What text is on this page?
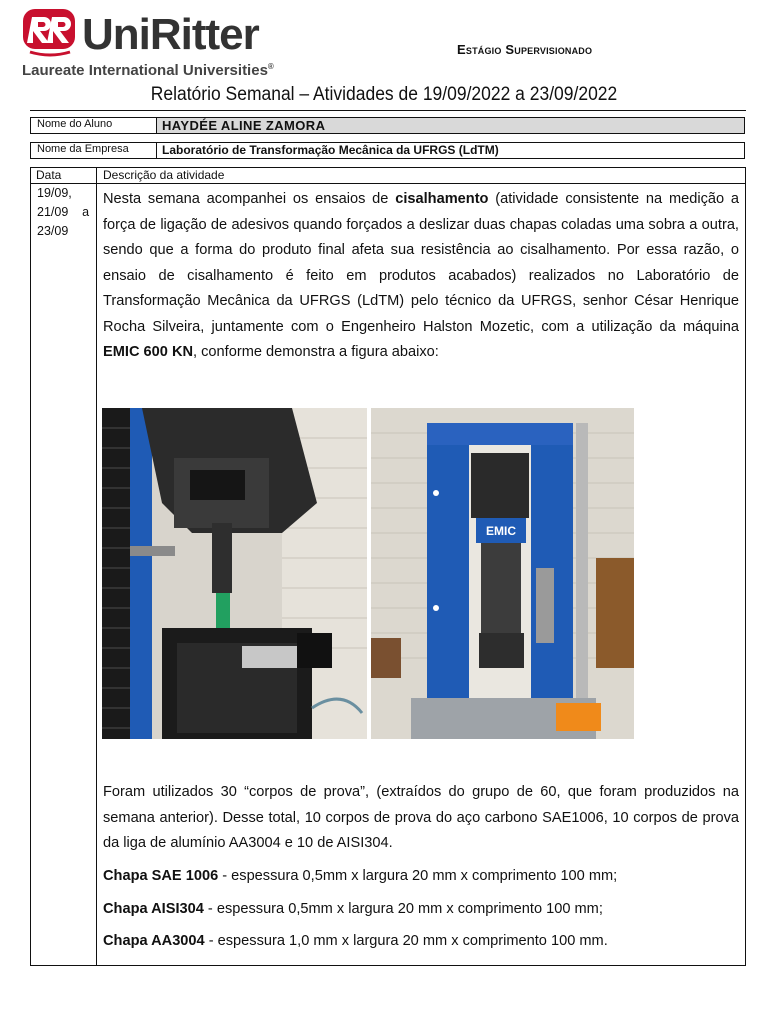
UniRitter
Laureate International Universities®
Estágio Supervisionado
Relatório Semanal – Atividades de 19/09/2022 a 23/09/2022
Nome do Aluno	HAYDÉE ALINE ZAMORA
Nome da Empresa	Laboratório de Transformação Mecânica da UFRGS (LdTM)
Data	Descrição da atividade
19/09,
21/09    a
23/09
Nesta semana acompanhei os ensaios de cisalhamento (atividade consistente na medição a força de ligação de adesivos quando forçados a deslizar duas chapas coladas uma sobra a outra, sendo que a forma do produto final afeta sua resistência ao cisalhamento. Por essa razão, o ensaio de cisalhamento é feito em produtos acabados) realizados no Laboratório de Transformação Mecânica da UFRGS (LdTM) pelo técnico da UFRGS, senhor César Henrique Rocha Silveira, juntamente com o Engenheiro Halston Mozetic, com a utilização da máquina EMIC 600 KN, conforme demonstra a figura abaixo:
EMIC
Foram utilizados 30 “corpos de prova”, (extraídos do grupo de 60, que foram produzidos na semana anterior). Desse total, 10 corpos de prova do aço carbono SAE1006, 10 corpos de prova da liga de alumínio AA3004 e 10 de AISI304.
Chapa SAE 1006 - espessura 0,5mm x largura 20 mm x comprimento 100 mm;
Chapa AISI304 - espessura 0,5mm x largura 20 mm x comprimento 100 mm;
Chapa AA3004 - espessura 1,0 mm x largura 20 mm x comprimento 100 mm.
